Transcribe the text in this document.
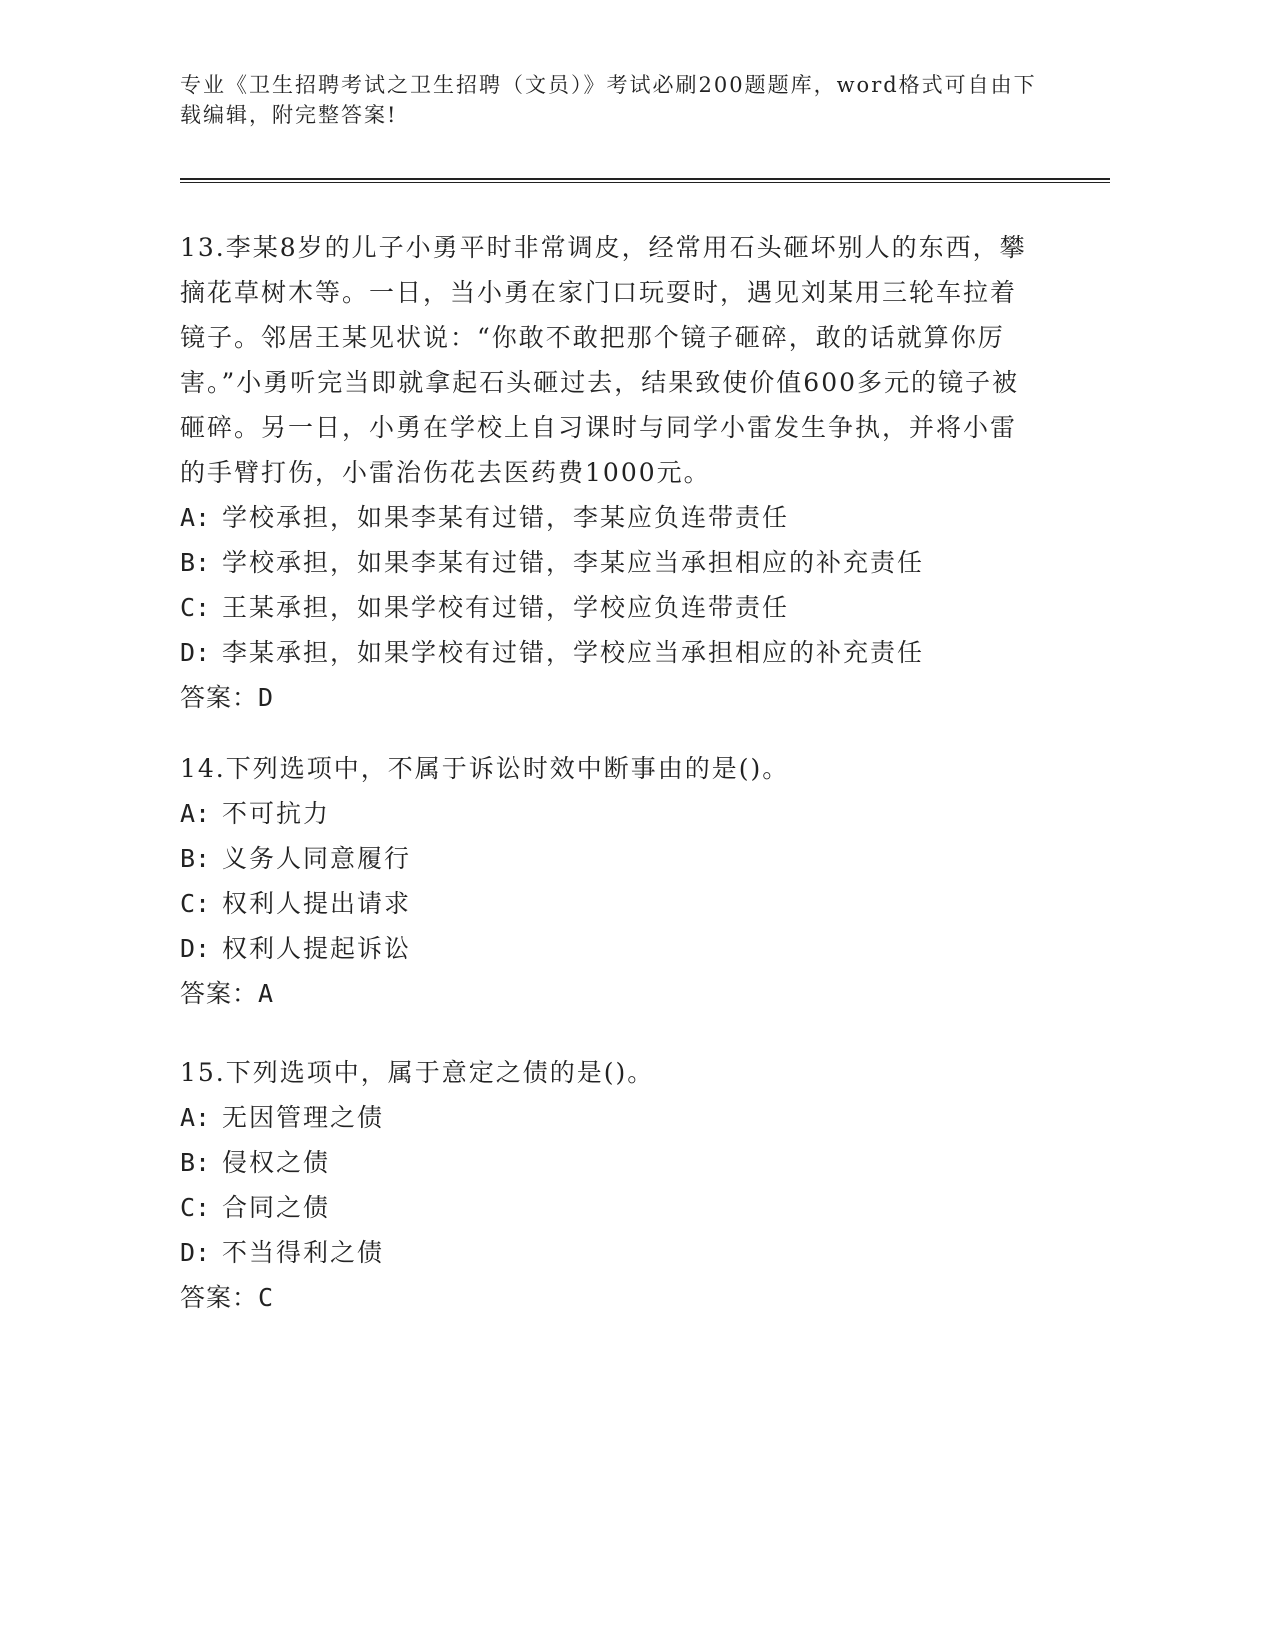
专业《卫生招聘考试之卫生招聘（文员）》考试必刷200题题库，word格式可自由下载编辑，附完整答案!

13.李某8岁的儿子小勇平时非常调皮，经常用石头砸坏别人的东西，攀摘花草树木等。一日，当小勇在家门口玩耍时，遇见刘某用三轮车拉着镜子。邻居王某见状说：“你敢不敢把那个镜子砸碎，敢的话就算你厉害。”小勇听完当即就拿起石头砸过去，结果致使价值600多元的镜子被砸碎。另一日，小勇在学校上自习课时与同学小雷发生争执，并将小雷的手臂打伤，小雷治伤花去医药费1000元。

A: 学校承担，如果李某有过错，李某应负连带责任

B: 学校承担，如果李某有过错，李某应当承担相应的补充责任

C: 王某承担，如果学校有过错，学校应负连带责任

D: 李某承担，如果学校有过错，学校应当承担相应的补充责任

答案：D

14.下列选项中，不属于诉讼时效中断事由的是()。

A: 不可抗力

B: 义务人同意履行

C: 权利人提出请求

D: 权利人提起诉讼

答案：A

15.下列选项中，属于意定之债的是()。

A: 无因管理之债

B: 侵权之债

C: 合同之债

D: 不当得利之债

答案：C
